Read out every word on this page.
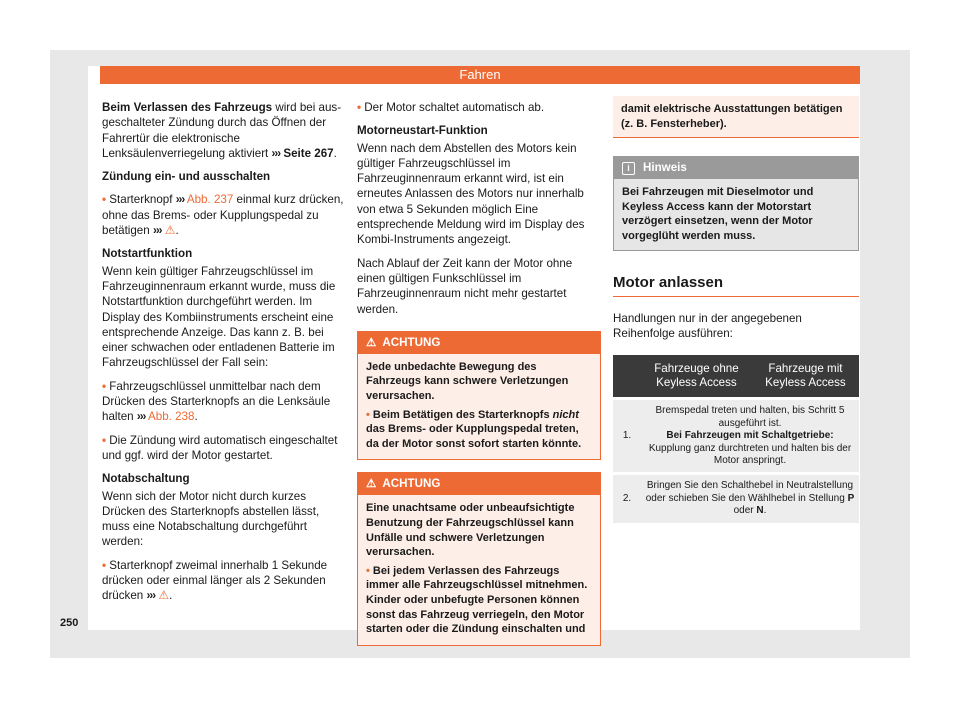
Fahren

Beim Verlassen des Fahrzeugs wird bei aus-geschalteter Zündung durch das Öffnen der Fahrertür die elektronische Lenksäulenverriegelung aktiviert ››› Seite 267.

Zündung ein- und ausschalten

• Starterknopf ››› Abb. 237 einmal kurz drücken, ohne das Brems- oder Kupplungspedal zu betätigen ››› ⚠.

Notstartfunktion

Wenn kein gültiger Fahrzeugschlüssel im Fahrzeuginnenraum erkannt wurde, muss die Notstartfunktion durchgeführt werden. Im Display des Kombiinstruments erscheint eine entsprechende Anzeige. Das kann z. B. bei einer schwachen oder entladenen Batterie im Fahrzeugschlüssel der Fall sein:

• Fahrzeugschlüssel unmittelbar nach dem Drücken des Starterknopfs an die Lenksäule halten ››› Abb. 238.

• Die Zündung wird automatisch eingeschaltet und ggf. wird der Motor gestartet.

Notabschaltung

Wenn sich der Motor nicht durch kurzes Drücken des Starterknopfs abstellen lässt, muss eine Notabschaltung durchgeführt werden:

• Starterknopf zweimal innerhalb 1 Sekunde drücken oder einmal länger als 2 Sekunden drücken ››› ⚠.

• Der Motor schaltet automatisch ab.

Motorneustart-Funktion

Wenn nach dem Abstellen des Motors kein gültiger Fahrzeugschlüssel im Fahrzeuginnenraum erkannt wird, ist ein erneutes Anlassen des Motors nur innerhalb von etwa 5 Sekunden möglich Eine entsprechende Meldung wird im Display des Kombi-Instruments angezeigt.

Nach Ablauf der Zeit kann der Motor ohne einen gültigen Funkschlüssel im Fahrzeuginnenraum nicht mehr gestartet werden.

⚠ ACHTUNG

Jede unbedachte Bewegung des Fahrzeugs kann schwere Verletzungen verursachen.

• Beim Betätigen des Starterknopfs nicht das Brems- oder Kupplungspedal treten, da der Motor sonst sofort starten könnte.

⚠ ACHTUNG

Eine unachtsame oder unbeaufsichtigte Benutzung der Fahrzeugschlüssel kann Unfälle und schwere Verletzungen verursachen.

• Bei jedem Verlassen des Fahrzeugs immer alle Fahrzeugschlüssel mitnehmen. Kinder oder unbefugte Personen können sonst das Fahrzeug verriegeln, den Motor starten oder die Zündung einschalten und

damit elektrische Ausstattungen betätigen (z. B. Fensterheber).
i Hinweis
Bei Fahrzeugen mit Dieselmotor und Keyless Access kann der Motorstart verzögert einsetzen, wenn der Motor vorgeglüht werden muss.
Motor anlassen

Handlungen nur in der angegebenen Reihenfolge ausführen:

	Fahrzeuge ohne Keyless Access	Fahrzeuge mit Keyless Access
1.	Bremspedal treten und halten, bis Schritt 5 ausgeführt ist.
Bei Fahrzeugen mit Schaltgetriebe: Kupplung ganz durchtreten und halten bis der Motor anspringt.	
2.	Bringen Sie den Schalthebel in Neutralstellung oder schieben Sie den Wählhebel in Stellung P oder N.	
250
